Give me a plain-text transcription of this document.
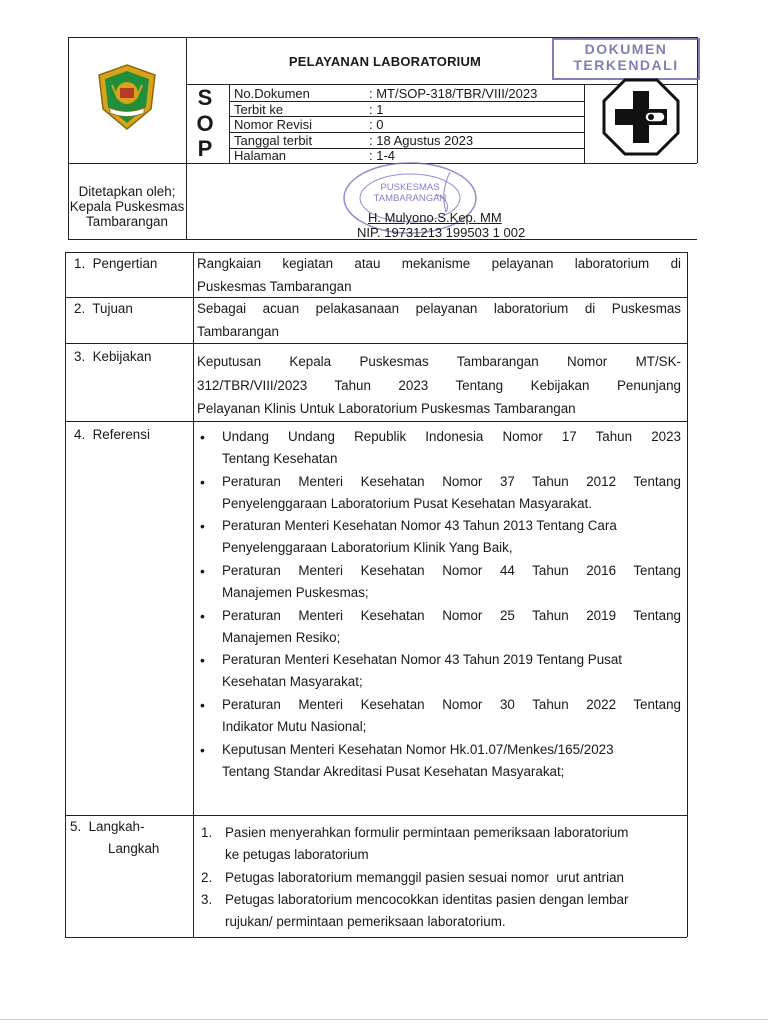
PELAYANAN LABORATORIUM
DOKUMEN
TERKENDALI
S
O
P
No.Dokumen	: MT/SOP-318/TBR/VIII/2023
Terbit ke	: 1
Nomor Revisi	: 0
Tanggal terbit	: 18 Agustus 2023
Halaman	: 1-4
Ditetapkan oleh;
Kepala Puskesmas
Tambarangan
PUSKESMAS
TAMBARANGAN
H. Mulyono.S.Kep. MM
NIP. 19731213 199503 1 002
1.  Pengertian	Rangkaian kegiatan atau mekanisme pelayanan laboratorium di
Puskesmas Tambarangan
2.  Tujuan	Sebagai acuan pelakasanaan pelayanan laboratorium di Puskesmas
Tambarangan
3.  Kebijakan	Keputusan Kepala Puskesmas Tambarangan Nomor MT/SK-
312/TBR/VIII/2023 Tahun 2023 Tentang Kebijakan Penunjang
Pelayanan Klinis Untuk Laboratorium Puskesmas Tambarangan
4.  Referensi
•	Undang Undang Republik Indonesia Nomor 17 Tahun 2023
Tentang Kesehatan
• Peraturan Menteri Kesehatan Nomor 37 Tahun 2012 Tentang
Penyelenggaraan Laboratorium Pusat Kesehatan Masyarakat.
• Peraturan Menteri Kesehatan Nomor 43 Tahun 2013 Tentang Cara
Penyelenggaraan Laboratorium Klinik Yang Baik,
• Peraturan Menteri Kesehatan Nomor 44 Tahun 2016 Tentang
Manajemen Puskesmas;
• Peraturan Menteri Kesehatan Nomor 25 Tahun 2019 Tentang
Manajemen Resiko;
• Peraturan Menteri Kesehatan Nomor 43 Tahun 2019 Tentang Pusat
Kesehatan Masyarakat;
• Peraturan Menteri Kesehatan Nomor 30 Tahun 2022 Tentang
Indikator Mutu Nasional;
• Keputusan Menteri Kesehatan Nomor Hk.01.07/Menkes/165/2023
Tentang Standar Akreditasi Pusat Kesehatan Masyarakat;
5.  Langkah-
Langkah
1. Pasien menyerahkan formulir permintaan pemeriksaan laboratorium
ke petugas laboratorium
2. Petugas laboratorium memanggil pasien sesuai nomor  urut antrian
3. Petugas laboratorium mencocokkan identitas pasien dengan lembar
rujukan/ permintaan pemeriksaan laboratorium.
